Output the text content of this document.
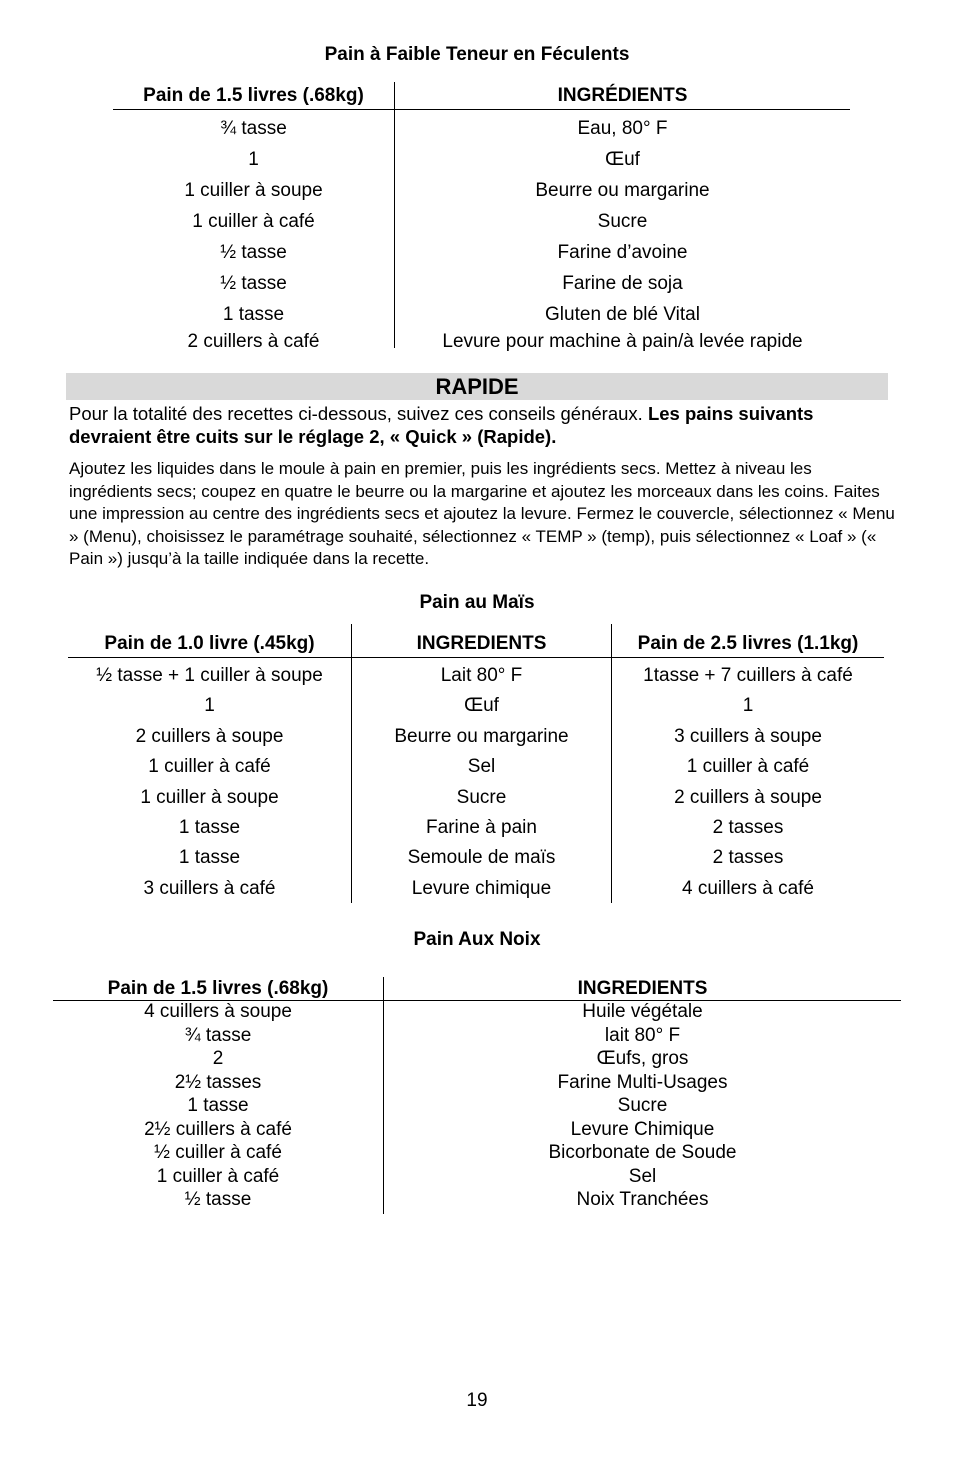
Pain à Faible Teneur en Féculents
Pain de 1.5 livres (.68kg)
¾ tasse
1
1 cuiller à soupe
1 cuiller à café
½ tasse
½ tasse
1 tasse
2 cuillers à café
INGRÉDIENTS
Eau, 80° F
Œuf
Beurre ou margarine
Sucre
Farine d’avoine
Farine de soja
Gluten de blé Vital
Levure pour machine à pain/à levée rapide
RAPIDE
Pour la totalité des recettes ci-dessous, suivez ces conseils généraux. Les pains suivants devraient être cuits sur le réglage 2, « Quick » (Rapide).
Ajoutez les liquides dans le moule à pain en premier, puis les ingrédients secs. Mettez à niveau les ingrédients secs; coupez en quatre le beurre ou la margarine et ajoutez les morceaux dans les coins. Faites une impression au centre des ingrédients secs et ajoutez la levure. Fermez le couvercle, sélectionnez « Menu » (Menu), choisissez le paramétrage souhaité, sélectionnez « TEMP » (temp), puis sélectionnez « Loaf » (« Pain ») jusqu’à la taille indiquée dans la recette.
Pain au Maïs
Pain de 1.0 livre (.45kg)
½ tasse + 1 cuiller à soupe
1
2 cuillers à soupe
1 cuiller à café
1 cuiller à soupe
1 tasse
1 tasse
3 cuillers à café
INGREDIENTS
Lait 80° F
Œuf
Beurre ou margarine
Sel
Sucre
Farine à pain
Semoule de maïs
Levure chimique
Pain de 2.5 livres (1.1kg)
1tasse + 7 cuillers à café
1
3 cuillers à soupe
1 cuiller à café
2 cuillers à soupe
2 tasses
2 tasses
4 cuillers à café
Pain Aux Noix
Pain de 1.5 livres (.68kg)
4 cuillers à soupe
¾ tasse
2
2½ tasses
1 tasse
2½ cuillers à café
½ cuiller à café
1 cuiller à café
½ tasse
INGREDIENTS
Huile végétale
lait 80° F
Œufs, gros
Farine Multi-Usages
Sucre
Levure Chimique
Bicorbonate de Soude
Sel
Noix Tranchées
19
